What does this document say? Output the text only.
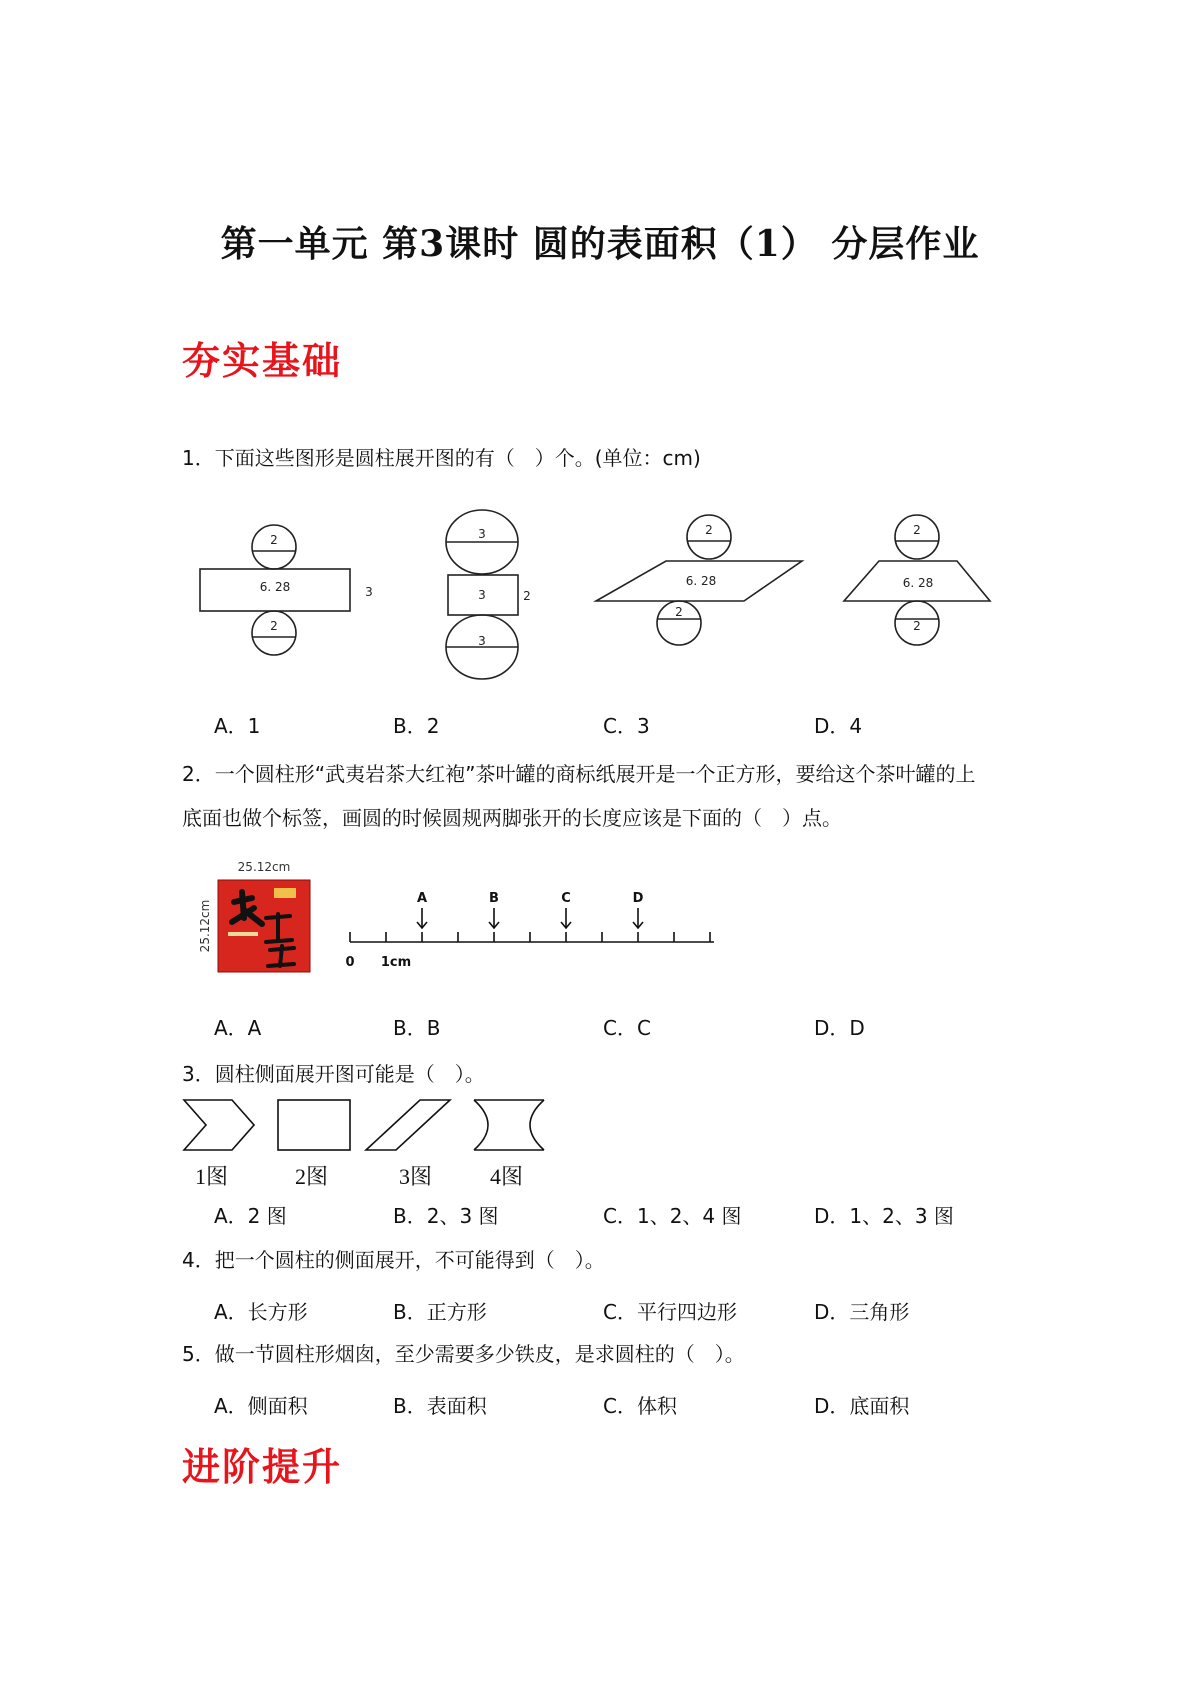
第一单元 第3课时 圆的表面积（1） 分层作业
夯实基础
1．下面这些图形是圆柱展开图的有（　）个。(单位：cm)
2
6. 28	3
2
3
3	2
3
2
6. 28
2
2
6. 28
2
A．1	B．2	C．3	D．4
2．一个圆柱形“武夷岩茶大红袍”茶叶罐的商标纸展开是一个正方形，要给这个茶叶罐的上
底面也做个标签，画圆的时候圆规两脚张开的长度应该是下面的（　）点。
25.12cm
25.12cm
A	B	C	D
0 1cm
A．A	B．B	C．C	D．D
3．圆柱侧面展开图可能是（　）。
1图	2图	3图	4图
A．2 图	B．2、3 图	C．1、2、4 图	D．1、2、3 图
4．把一个圆柱的侧面展开，不可能得到（　）。
A．长方形	B．正方形	C．平行四边形	D．三角形
5．做一节圆柱形烟囱，至少需要多少铁皮，是求圆柱的（　）。
A．侧面积	B．表面积	C．体积	D．底面积
进阶提升
